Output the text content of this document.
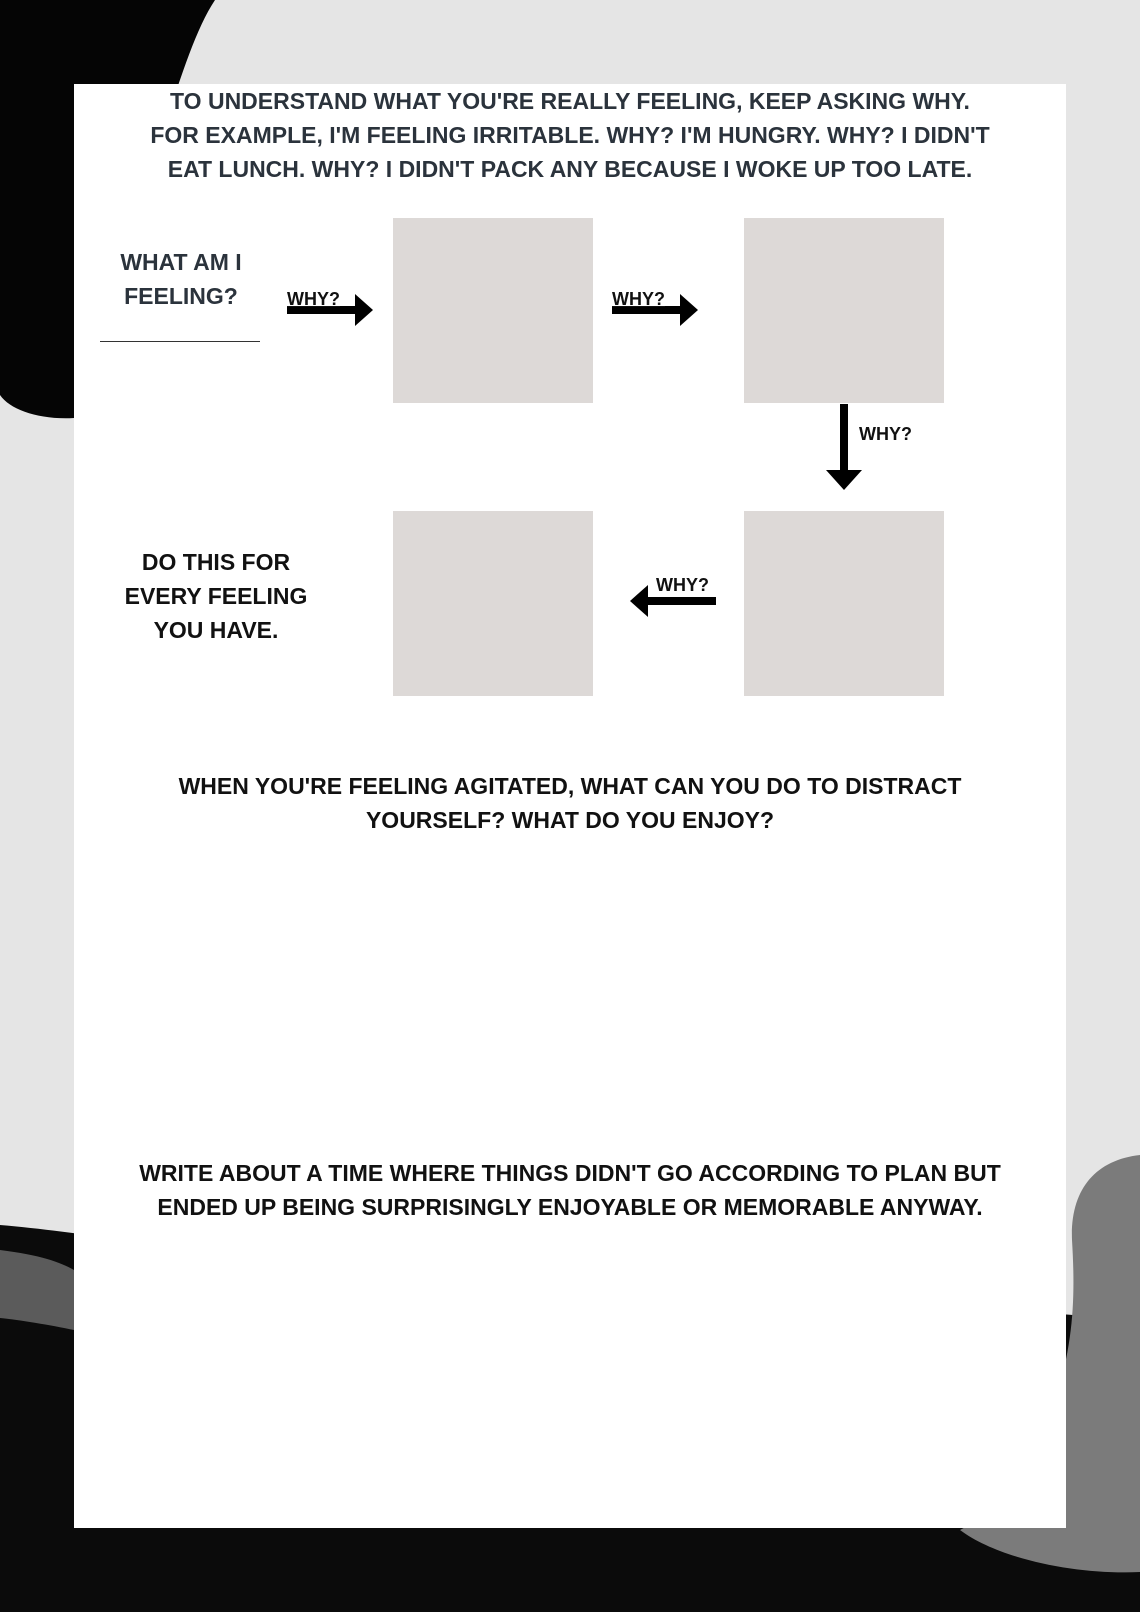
TO UNDERSTAND WHAT YOU'RE REALLY FEELING, KEEP ASKING WHY.
FOR EXAMPLE, I'M FEELING IRRITABLE. WHY? I'M HUNGRY. WHY? I DIDN'T
EAT LUNCH. WHY? I DIDN'T PACK ANY BECAUSE I WOKE UP TOO LATE.

WHAT AM I
FEELING?	WHY?	WHY?
WHY?
WHY?

DO THIS FOR
EVERY FEELING
YOU HAVE.

WHEN YOU'RE FEELING AGITATED, WHAT CAN YOU DO TO DISTRACT
YOURSELF? WHAT DO YOU ENJOY?

WRITE ABOUT A TIME WHERE THINGS DIDN'T GO ACCORDING TO PLAN BUT
ENDED UP BEING SURPRISINGLY ENJOYABLE OR MEMORABLE ANYWAY.
